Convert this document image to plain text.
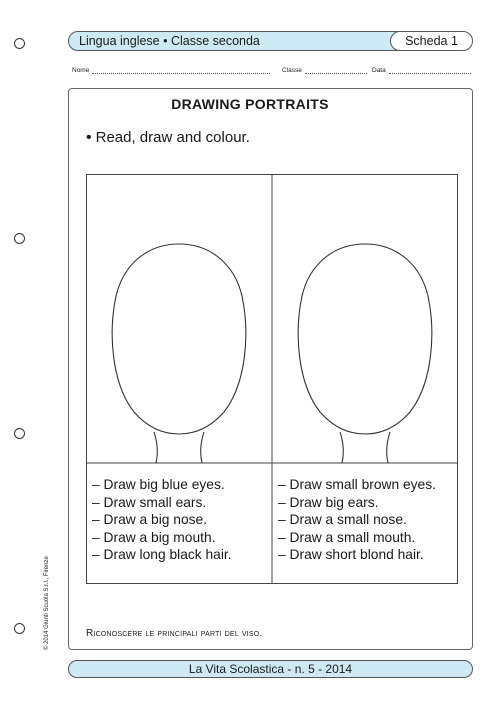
Lingua inglese • Classe seconda	Scheda 1
Nome	Classe	Data
DRAWING PORTRAITS
• Read, draw and colour.
– Draw big blue eyes.
– Draw small ears.
– Draw a big nose.
– Draw a big mouth.
– Draw long black hair.
– Draw small brown eyes.
– Draw big ears.
– Draw a small nose.
– Draw a small mouth.
– Draw short blond hair.
Riconoscere le principali parti del viso.
© 2014 Giunti Scuola S.r.l., Firenze
La Vita Scolastica - n. 5 - 2014
